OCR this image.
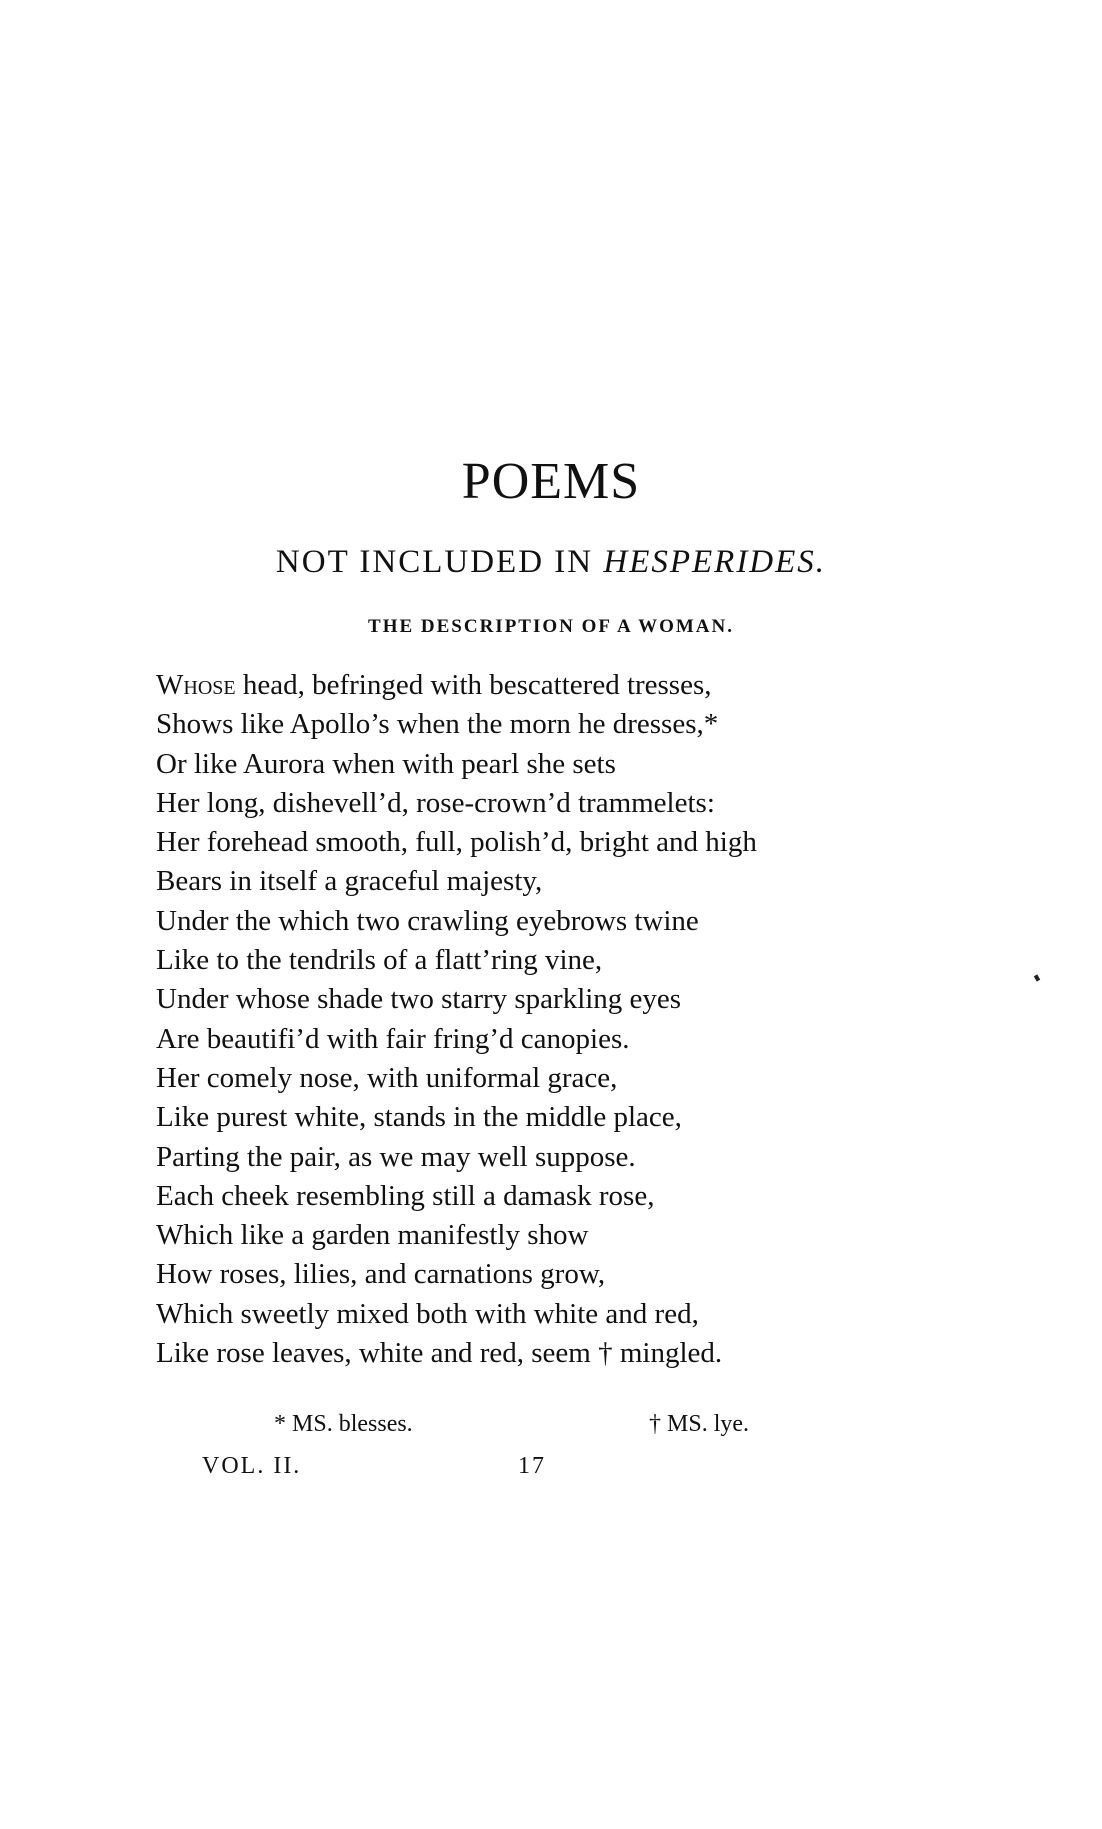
POEMS
NOT INCLUDED IN HESPERIDES.
THE DESCRIPTION OF A WOMAN.
Whose head, befringed with bescattered tresses,
Shows like Apollo’s when the morn he dresses,*
Or like Aurora when with pearl she sets
Her long, dishevell’d, rose-crown’d trammelets:
Her forehead smooth, full, polish’d, bright and high
Bears in itself a graceful majesty,
Under the which two crawling eyebrows twine
Like to the tendrils of a flatt’ring vine,
Under whose shade two starry sparkling eyes
Are beautifi’d with fair fring’d canopies.
Her comely nose, with uniformal grace,
Like purest white, stands in the middle place,
Parting the pair, as we may well suppose.
Each cheek resembling still a damask rose,
Which like a garden manifestly show
How roses, lilies, and carnations grow,
Which sweetly mixed both with white and red,
Like rose leaves, white and red, seem † mingled.
* MS. blesses.	† MS. lye.
VOL. II.	17
